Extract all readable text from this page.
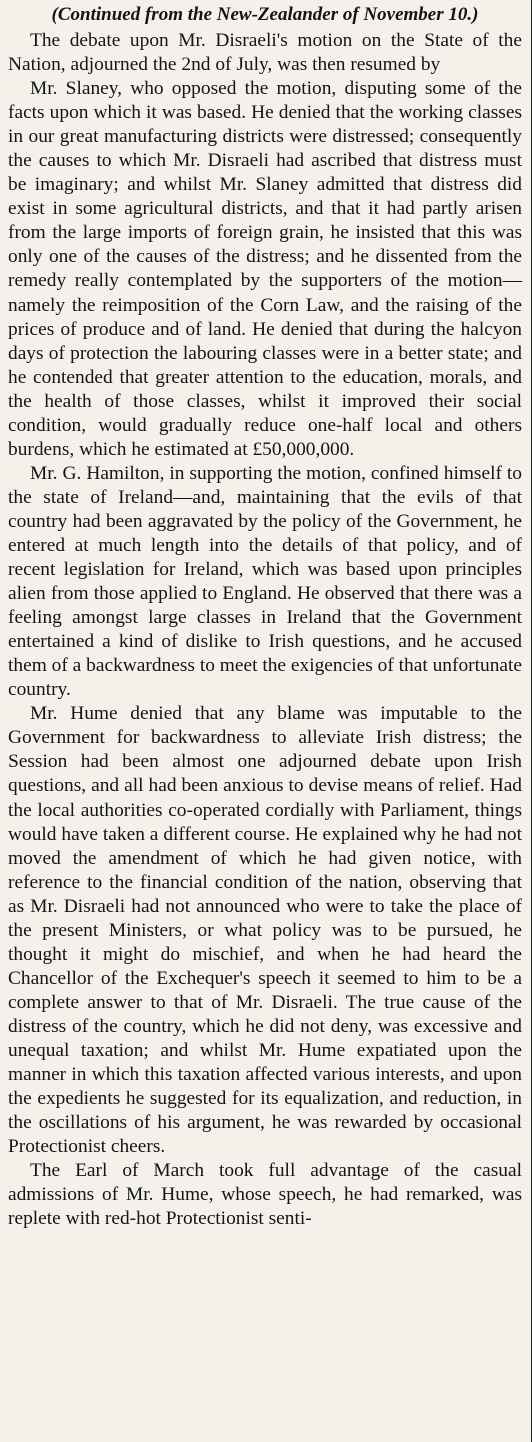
(Continued from the New-Zealander of November 10.)

The debate upon Mr. Disraeli's motion on the State of the Nation, adjourned the 2nd of July, was then resumed by

Mr. Slaney, who opposed the motion, disputing some of the facts upon which it was based. He denied that the working classes in our great manufacturing districts were distressed; consequently the causes to which Mr. Disraeli had ascribed that distress must be imaginary; and whilst Mr. Slaney admitted that distress did exist in some agricultural districts, and that it had partly arisen from the large imports of foreign grain, he insisted that this was only one of the causes of the distress; and he dissented from the remedy really contemplated by the supporters of the motion—namely the reimposition of the Corn Law, and the raising of the prices of produce and of land. He denied that during the halcyon days of protection the labouring classes were in a better state; and he contended that greater attention to the education, morals, and the health of those classes, whilst it improved their social condition, would gradually reduce one-half local and others burdens, which he estimated at £50,000,000.

Mr. G. Hamilton, in supporting the motion, confined himself to the state of Ireland—and, maintaining that the evils of that country had been aggravated by the policy of the Government, he entered at much length into the details of that policy, and of recent legislation for Ireland, which was based upon principles alien from those applied to England. He observed that there was a feeling amongst large classes in Ireland that the Government entertained a kind of dislike to Irish questions, and he accused them of a backwardness to meet the exigencies of that unfortunate country.

Mr. Hume denied that any blame was imputable to the Government for backwardness to alleviate Irish distress; the Session had been almost one adjourned debate upon Irish questions, and all had been anxious to devise means of relief. Had the local authorities co-operated cordially with Parliament, things would have taken a different course. He explained why he had not moved the amendment of which he had given notice, with reference to the financial condition of the nation, observing that as Mr. Disraeli had not announced who were to take the place of the present Ministers, or what policy was to be pursued, he thought it might do mischief, and when he had heard the Chancellor of the Exchequer's speech it seemed to him to be a complete answer to that of Mr. Disraeli. The true cause of the distress of the country, which he did not deny, was excessive and unequal taxation; and whilst Mr. Hume expatiated upon the manner in which this taxation affected various interests, and upon the expedients he suggested for its equalization, and reduction, in the oscillations of his argument, he was rewarded by occasional Protectionist cheers.

The Earl of March took full advantage of the casual admissions of Mr. Hume, whose speech, he had remarked, was replete with red-hot Protectionist senti-
